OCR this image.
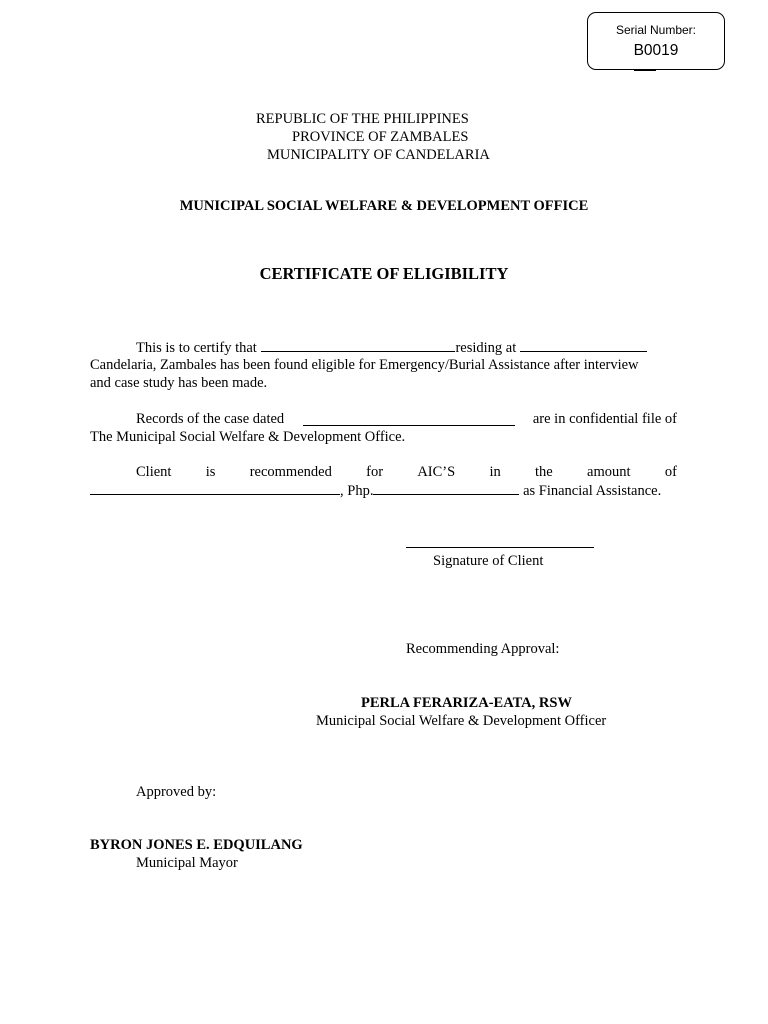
Serial Number:
B0019
REPUBLIC OF THE PHILIPPINES
PROVINCE OF ZAMBALES
MUNICIPALITY OF CANDELARIA
MUNICIPAL SOCIAL WELFARE & DEVELOPMENT OFFICE
CERTIFICATE OF ELIGIBILITY
This is to certify that	residing at
Candelaria, Zambales has been found eligible for Emergency/Burial Assistance after interview
and case study has been made.
Records of the case dated	are in confidential file of
The Municipal Social Welfare & Development Office.
Client is recommended for AIC’S in the amount of
, Php.	as Financial Assistance.
Signature of Client
Recommending Approval:
PERLA FERARIZA-EATA, RSW
Municipal Social Welfare & Development Officer
Approved by:
BYRON JONES E. EDQUILANG
Municipal Mayor
